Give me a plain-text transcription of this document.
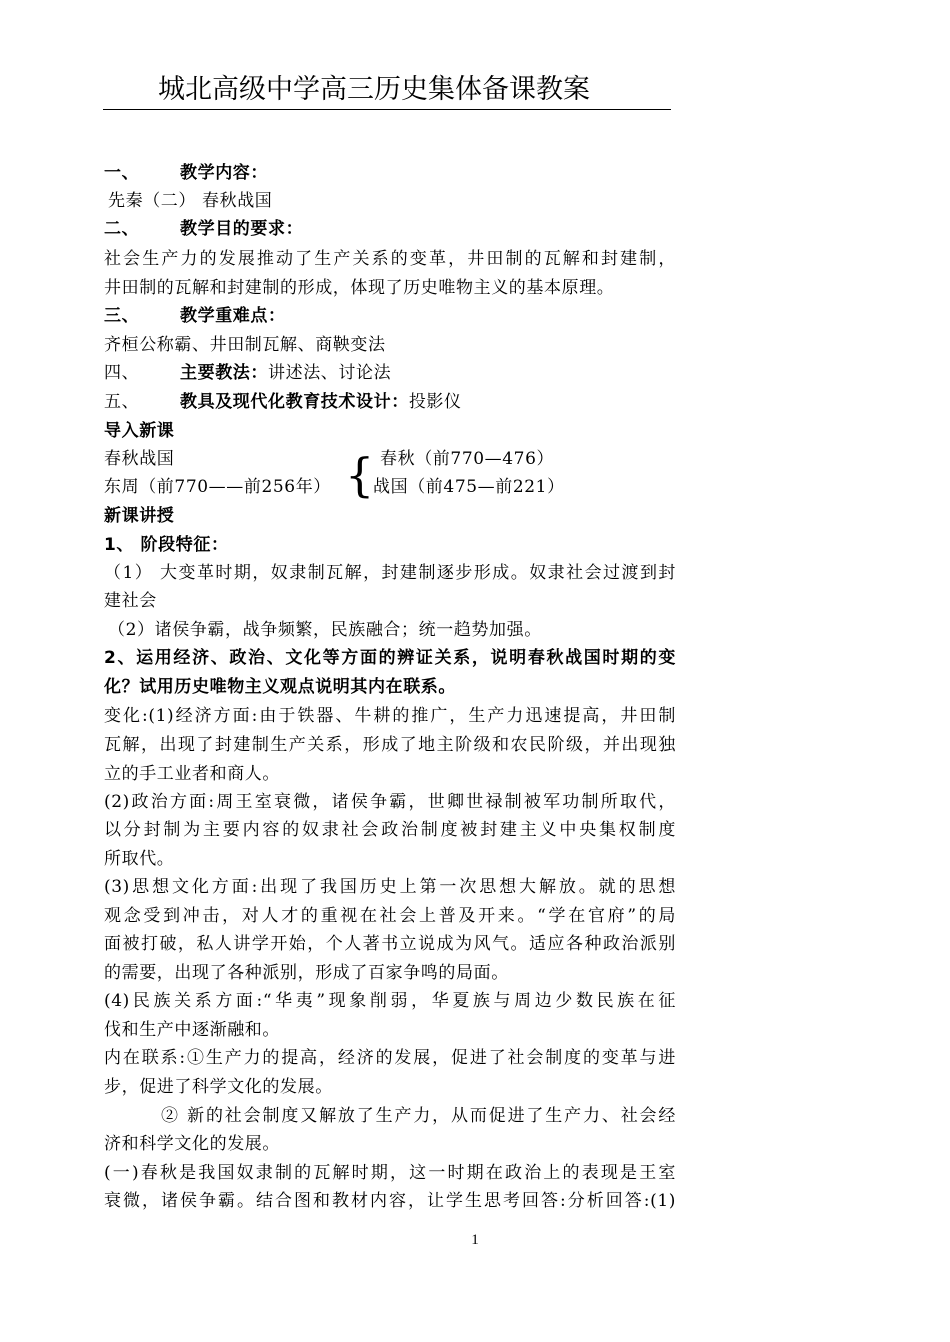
城北高级中学高三历史集体备课教案
一、 教学内容：
先秦（二） 春秋战国
二、 教学目的要求：
社会生产力的发展推动了生产关系的变革，井田制的瓦解和封建制，
井田制的瓦解和封建制的形成，体现了历史唯物主义的基本原理。
三、 教学重难点：
齐桓公称霸、井田制瓦解、商鞅变法
四、 主要教法：讲述法、讨论法
五、 教具及现代化教育技术设计：投影仪
导入新课
春秋战国
东周（前770——前256年） { 春秋（前770—476）
战国（前475—前221）
新课讲授
1、 阶段特征：
（1） 大变革时期，奴隶制瓦解，封建制逐步形成。奴隶社会过渡到封
建社会
（2）诸侯争霸，战争频繁，民族融合；统一趋势加强。
2、运用经济、政治、文化等方面的辨证关系，说明春秋战国时期的变
化？试用历史唯物主义观点说明其内在联系。
变化:(1)经济方面:由于铁器、牛耕的推广，生产力迅速提高，井田制
瓦解，出现了封建制生产关系，形成了地主阶级和农民阶级，并出现独
立的手工业者和商人。
(2)政治方面:周王室衰微，诸侯争霸，世卿世禄制被军功制所取代，
以分封制为主要内容的奴隶社会政治制度被封建主义中央集权制度
所取代。
(3)思想文化方面:出现了我国历史上第一次思想大解放。就的思想
观念受到冲击，对人才的重视在社会上普及开来。“学在官府”的局
面被打破，私人讲学开始，个人著书立说成为风气。适应各种政治派别
的需要，出现了各种派别，形成了百家争鸣的局面。
(4)民族关系方面:“华夷”现象削弱，华夏族与周边少数民族在征
伐和生产中逐渐融和。
内在联系:①生产力的提高，经济的发展，促进了社会制度的变革与进
步，促进了科学文化的发展。
② 新的社会制度又解放了生产力，从而促进了生产力、社会经
济和科学文化的发展。
(一)春秋是我国奴隶制的瓦解时期，这一时期在政治上的表现是王室
衰微，诸侯争霸。结合图和教材内容，让学生思考回答:分析回答:(1)
1
